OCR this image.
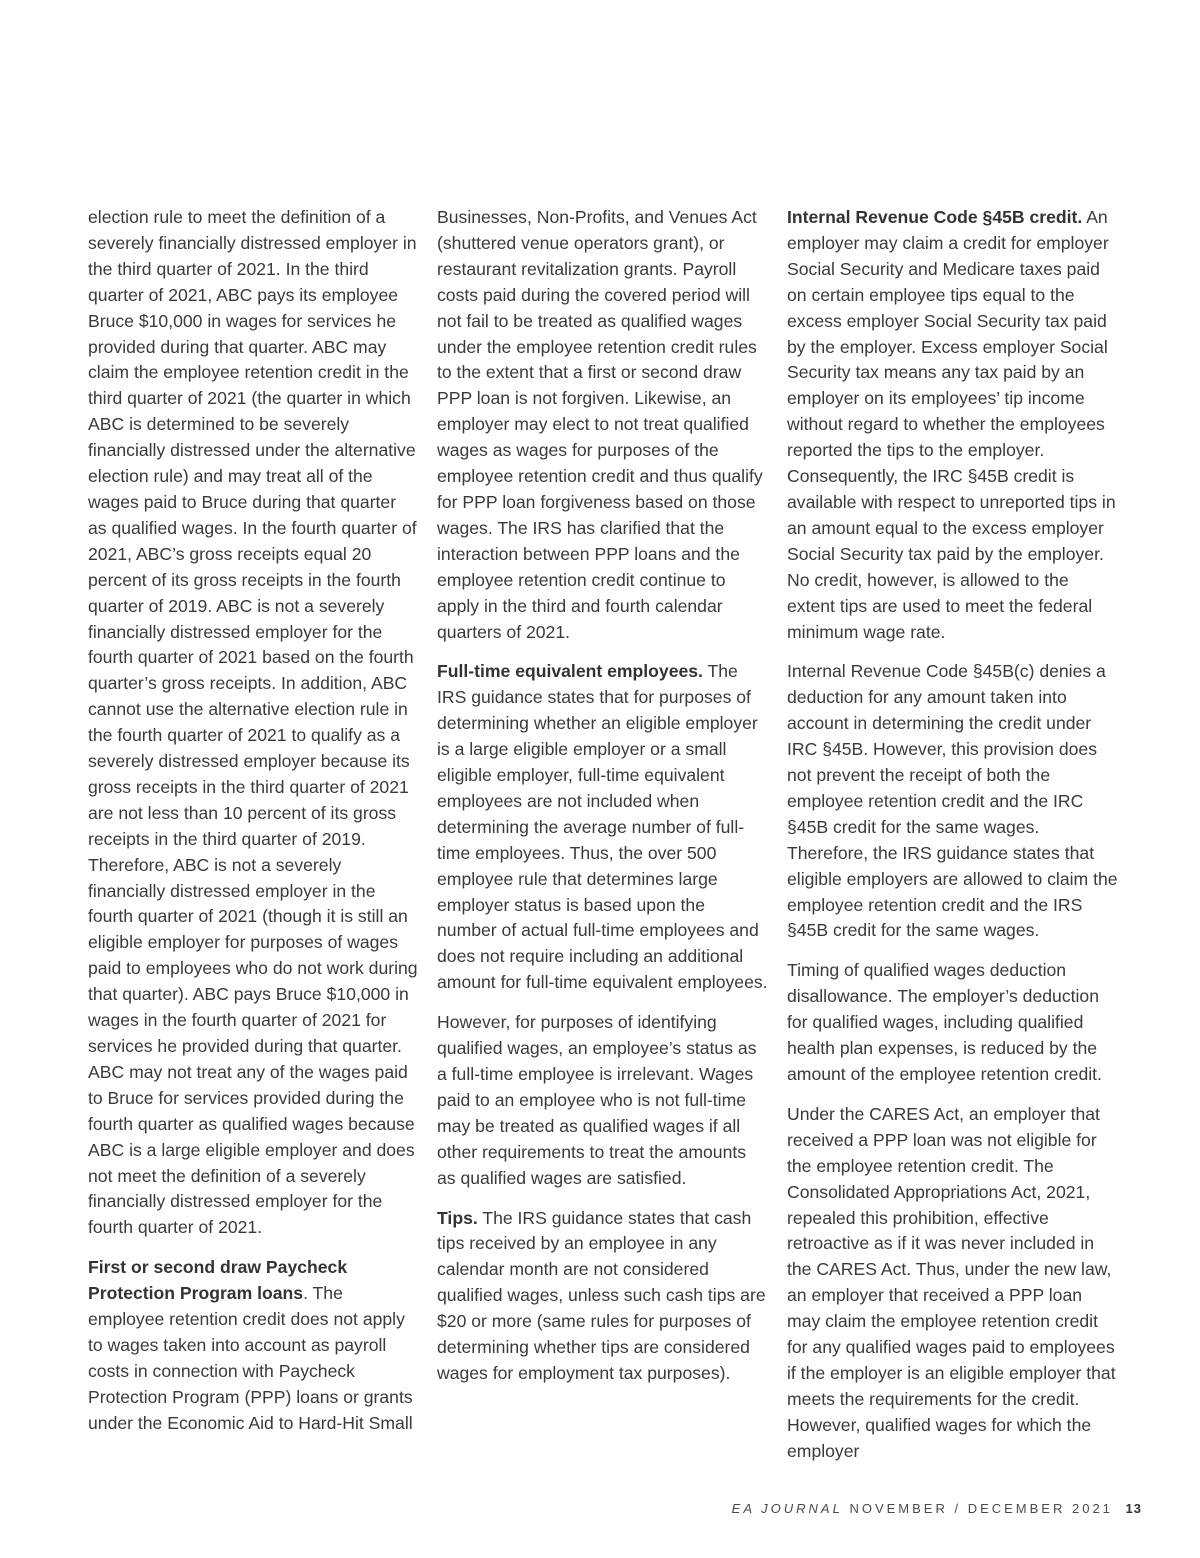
election rule to meet the definition of a severely financially distressed employer in the third quarter of 2021. In the third quarter of 2021, ABC pays its employee Bruce $10,000 in wages for services he provided during that quarter. ABC may claim the employee retention credit in the third quarter of 2021 (the quarter in which ABC is determined to be severely financially distressed under the alternative election rule) and may treat all of the wages paid to Bruce during that quarter as qualified wages. In the fourth quarter of 2021, ABC’s gross receipts equal 20 percent of its gross receipts in the fourth quarter of 2019. ABC is not a severely financially distressed employer for the fourth quarter of 2021 based on the fourth quarter’s gross receipts. In addition, ABC cannot use the alternative election rule in the fourth quarter of 2021 to qualify as a severely distressed employer because its gross receipts in the third quarter of 2021 are not less than 10 percent of its gross receipts in the third quarter of 2019. Therefore, ABC is not a severely financially distressed employer in the fourth quarter of 2021 (though it is still an eligible employer for purposes of wages paid to employees who do not work during that quarter). ABC pays Bruce $10,000 in wages in the fourth quarter of 2021 for services he provided during that quarter. ABC may not treat any of the wages paid to Bruce for services provided during the fourth quarter as qualified wages because ABC is a large eligible employer and does not meet the definition of a severely financially distressed employer for the fourth quarter of 2021.

First or second draw Paycheck Protection Program loans. The employee retention credit does not apply to wages taken into account as payroll costs in connection with Paycheck Protection Program (PPP) loans or grants under the Economic Aid to Hard-Hit Small

Businesses, Non-Profits, and Venues Act (shuttered venue operators grant), or restaurant revitalization grants. Payroll costs paid during the covered period will not fail to be treated as qualified wages under the employee retention credit rules to the extent that a first or second draw PPP loan is not forgiven. Likewise, an employer may elect to not treat qualified wages as wages for purposes of the employee retention credit and thus qualify for PPP loan forgiveness based on those wages. The IRS has clarified that the interaction between PPP loans and the employee retention credit continue to apply in the third and fourth calendar quarters of 2021.

Full-time equivalent employees. The IRS guidance states that for purposes of determining whether an eligible employer is a large eligible employer or a small eligible employer, full-time equivalent employees are not included when determining the average number of full-time employees. Thus, the over 500 employee rule that determines large employer status is based upon the number of actual full-time employees and does not require including an additional amount for full-time equivalent employees.

However, for purposes of identifying qualified wages, an employee’s status as a full-time employee is irrelevant. Wages paid to an employee who is not full-time may be treated as qualified wages if all other requirements to treat the amounts as qualified wages are satisfied.

Tips. The IRS guidance states that cash tips received by an employee in any calendar month are not considered qualified wages, unless such cash tips are $20 or more (same rules for purposes of determining whether tips are considered wages for employment tax purposes).

Internal Revenue Code §45B credit. An employer may claim a credit for employer Social Security and Medicare taxes paid on certain employee tips equal to the excess employer Social Security tax paid by the employer. Excess employer Social Security tax means any tax paid by an employer on its employees’ tip income without regard to whether the employees reported the tips to the employer. Consequently, the IRC §45B credit is available with respect to unreported tips in an amount equal to the excess employer Social Security tax paid by the employer. No credit, however, is allowed to the extent tips are used to meet the federal minimum wage rate.

Internal Revenue Code §45B(c) denies a deduction for any amount taken into account in determining the credit under IRC §45B. However, this provision does not prevent the receipt of both the employee retention credit and the IRC §45B credit for the same wages. Therefore, the IRS guidance states that eligible employers are allowed to claim the employee retention credit and the IRS §45B credit for the same wages.

Timing of qualified wages deduction disallowance. The employer’s deduction for qualified wages, including qualified health plan expenses, is reduced by the amount of the employee retention credit.

Under the CARES Act, an employer that received a PPP loan was not eligible for the employee retention credit. The Consolidated Appropriations Act, 2021, repealed this prohibition, effective retroactive as if it was never included in the CARES Act. Thus, under the new law, an employer that received a PPP loan may claim the employee retention credit for any qualified wages paid to employees if the employer is an eligible employer that meets the requirements for the credit. However, qualified wages for which the employer

EA JOURNAL NOVEMBER / DECEMBER 2021 13
